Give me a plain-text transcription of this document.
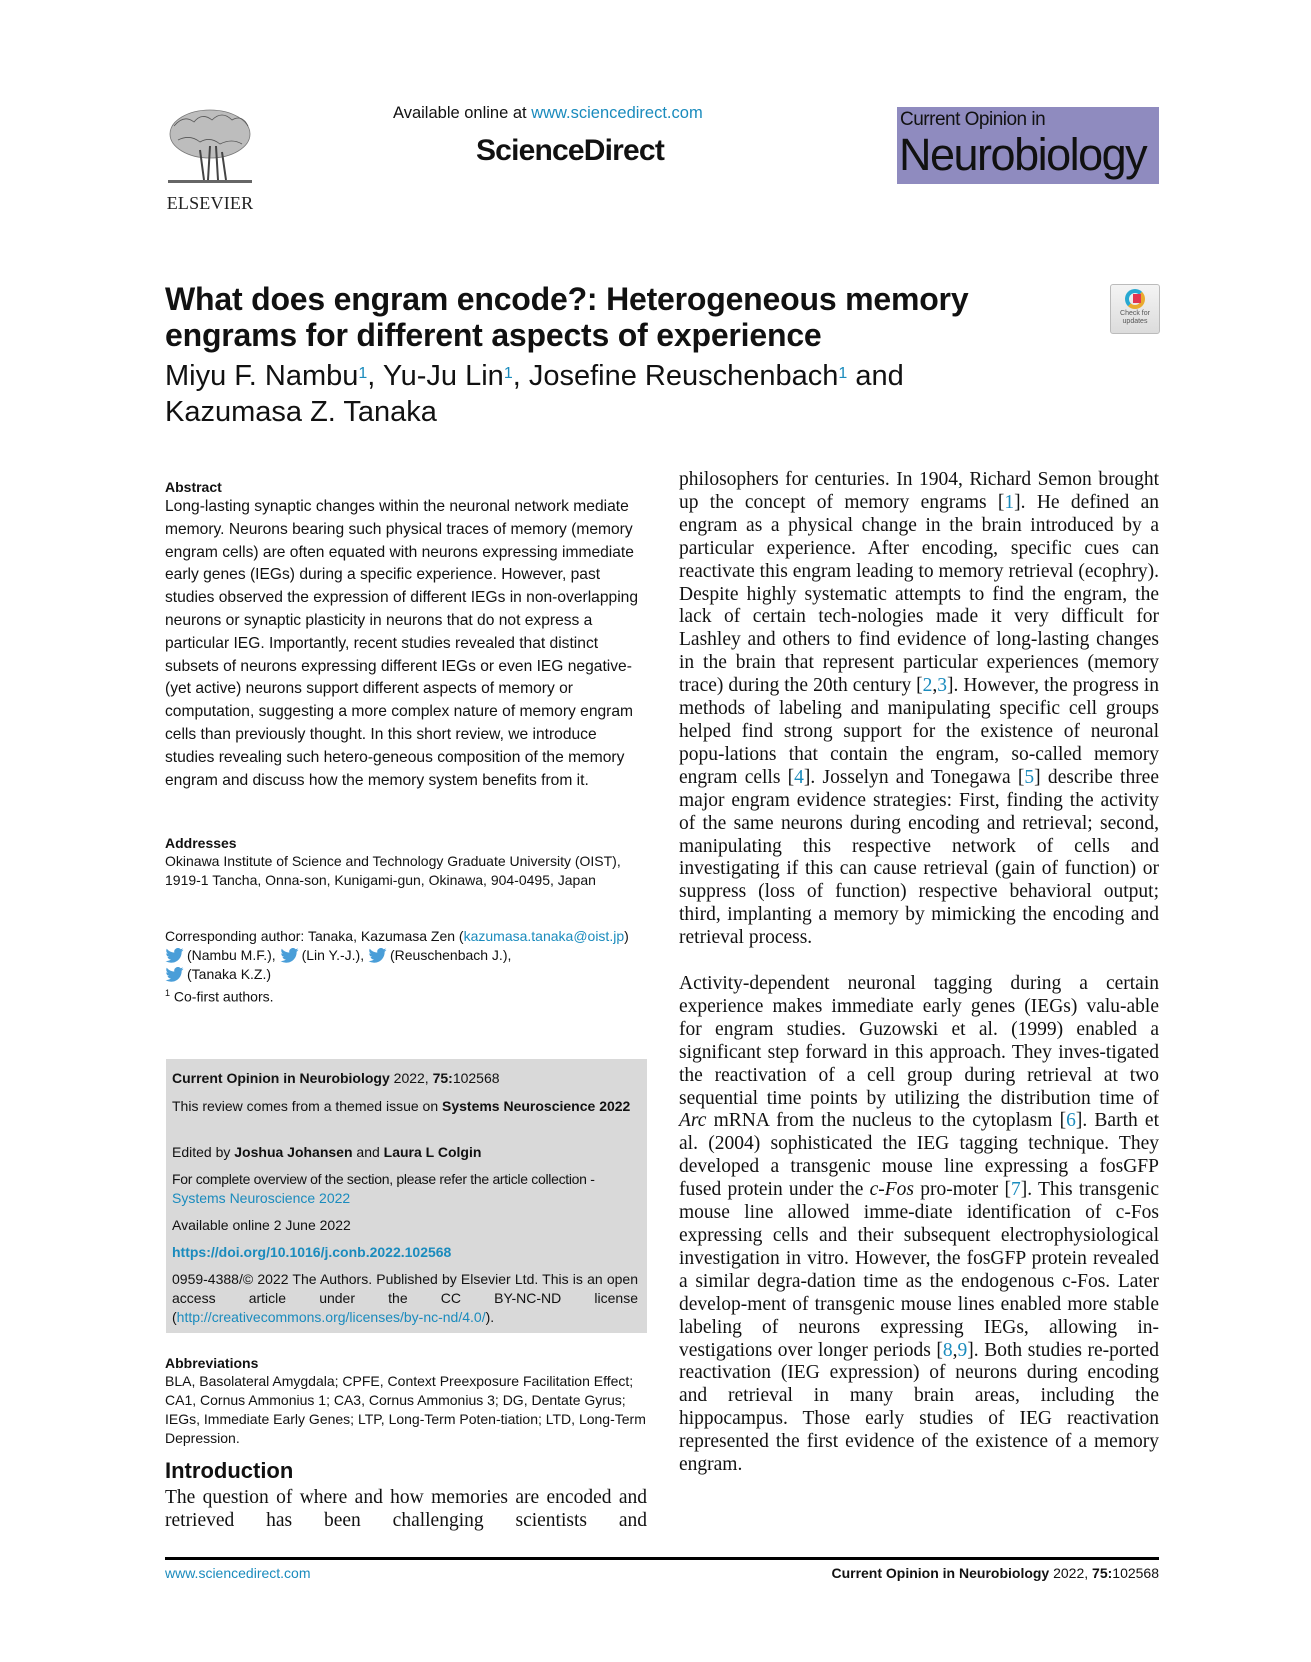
ELSEVIER
Available online at www.sciencedirect.com
ScienceDirect
Current Opinion in
Neurobiology
What does engram encode?: Heterogeneous memory engrams for different aspects of experience
Check for updates
Miyu F. Nambu$^1$, Yu-Ju Lin$^1$, Josefine Reuschenbach$^1$ and
Kazumasa Z. Tanaka
Abstract
Long-lasting synaptic changes within the neuronal network mediate memory. Neurons bearing such physical traces of memory (memory engram cells) are often equated with neurons expressing immediate early genes (IEGs) during a specific experience. However, past studies observed the expression of different IEGs in non-overlapping neurons or synaptic plasticity in neurons that do not express a particular IEG. Importantly, recent studies revealed that distinct subsets of neurons expressing different IEGs or even IEG negative-(yet active) neurons support different aspects of memory or computation, suggesting a more complex nature of memory engram cells than previously thought. In this short review, we introduce studies revealing such hetero-geneous composition of the memory engram and discuss how the memory system benefits from it.
Addresses
Okinawa Institute of Science and Technology Graduate University (OIST), 1919-1 Tancha, Onna-son, Kunigami-gun, Okinawa, 904-0495, Japan
Corresponding author: Tanaka, Kazumasa Zen (kazumasa.tanaka@oist.jp)
(Nambu M.F.), (Lin Y.-J.), (Reuschenbach J.),
(Tanaka K.Z.)
$^1$ Co-first authors.

Current Opinion in Neurobiology 2022, 75:102568

This review comes from a themed issue on Systems Neuroscience 2022

Edited by Joshua Johansen and Laura L Colgin

For complete overview of the section, please refer the article collection - Systems Neuroscience 2022

Available online 2 June 2022

https://doi.org/10.1016/j.conb.2022.102568

0959-4388/© 2022 The Authors. Published by Elsevier Ltd. This is an open access article under the CC BY-NC-ND license (http://creativecommons.org/licenses/by-nc-nd/4.0/).

Abbreviations
BLA, Basolateral Amygdala; CPFE, Context Preexposure Facilitation Effect; CA1, Cornus Ammonius 1; CA3, Cornus Ammonius 3; DG, Dentate Gyrus; IEGs, Immediate Early Genes; LTP, Long-Term Poten-tiation; LTD, Long-Term Depression.
Introduction
The question of where and how memories are encoded and retrieved has been challenging scientists and

philosophers for centuries. In 1904, Richard Semon brought up the concept of memory engrams [1]. He defined an engram as a physical change in the brain introduced by a particular experience. After encoding, specific cues can reactivate this engram leading to memory retrieval (ecophry). Despite highly systematic attempts to find the engram, the lack of certain tech-nologies made it very difficult for Lashley and others to find evidence of long-lasting changes in the brain that represent particular experiences (memory trace) during the 20th century [2,3]. However, the progress in methods of labeling and manipulating specific cell groups helped find strong support for the existence of neuronal popu-lations that contain the engram, so-called memory engram cells [4]. Josselyn and Tonegawa [5] describe three major engram evidence strategies: First, finding the activity of the same neurons during encoding and retrieval; second, manipulating this respective network of cells and investigating if this can cause retrieval (gain of function) or suppress (loss of function) respective behavioral output; third, implanting a memory by mimicking the encoding and retrieval process.

Activity-dependent neuronal tagging during a certain experience makes immediate early genes (IEGs) valu-able for engram studies. Guzowski et al. (1999) enabled a significant step forward in this approach. They inves-tigated the reactivation of a cell group during retrieval at two sequential time points by utilizing the distribution time of Arc mRNA from the nucleus to the cytoplasm [6]. Barth et al. (2004) sophisticated the IEG tagging technique. They developed a transgenic mouse line expressing a fosGFP fused protein under the c-Fos pro-moter [7]. This transgenic mouse line allowed imme-diate identification of c-Fos expressing cells and their subsequent electrophysiological investigation in vitro. However, the fosGFP protein revealed a similar degra-dation time as the endogenous c-Fos. Later develop-ment of transgenic mouse lines enabled more stable labeling of neurons expressing IEGs, allowing in-vestigations over longer periods [8,9]. Both studies re-ported reactivation (IEG expression) of neurons during encoding and retrieval in many brain areas, including the hippocampus. Those early studies of IEG reactivation represented the first evidence of the existence of a memory engram.

www.sciencedirect.com	Current Opinion in Neurobiology 2022, 75:102568
